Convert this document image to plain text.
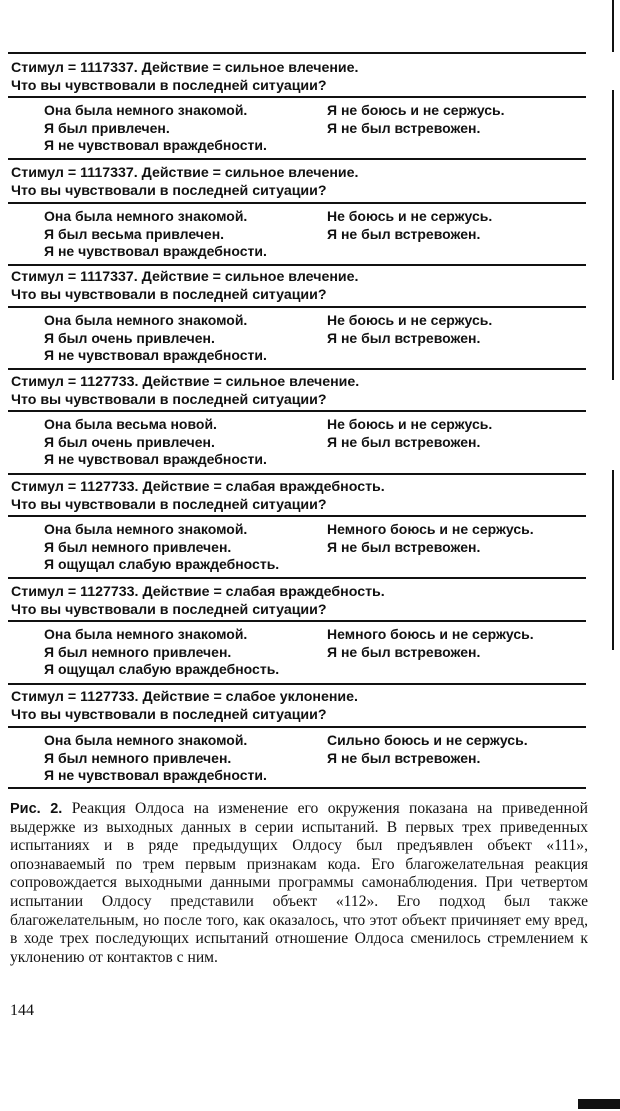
Стимул = 1117337. Действие = сильное влечение.
Что вы чувствовали в последней ситуации?
Она была немного знакомой.	Я не боюсь и не сержусь.
Я был привлечен.	Я не был встревожен.
Я не чувствовал враждебности.
Стимул = 1117337. Действие = сильное влечение.
Что вы чувствовали в последней ситуации?
Она была немного знакомой.	Не боюсь и не сержусь.
Я был весьма привлечен.	Я не был встревожен.
Я не чувствовал враждебности.
Стимул = 1117337. Действие = сильное влечение.
Что вы чувствовали в последней ситуации?
Она была немного знакомой.	Не боюсь и не сержусь.
Я был очень привлечен.	Я не был встревожен.
Я не чувствовал враждебности.
Стимул = 1127733. Действие = сильное влечение.
Что вы чувствовали в последней ситуации?
Она была весьма новой.	Не боюсь и не сержусь.
Я был очень привлечен.	Я не был встревожен.
Я не чувствовал враждебности.
Стимул = 1127733. Действие = слабая враждебность.
Что вы чувствовали в последней ситуации?
Она была немного знакомой.	Немного боюсь и не сержусь.
Я был немного привлечен.	Я не был встревожен.
Я ощущал слабую враждебность.
Стимул = 1127733. Действие = слабая враждебность.
Что вы чувствовали в последней ситуации?
Она была немного знакомой.	Немного боюсь и не сержусь.
Я был немного привлечен.	Я не был встревожен.
Я ощущал слабую враждебность.
Стимул = 1127733. Действие = слабое уклонение.
Что вы чувствовали в последней ситуации?
Она была немного знакомой.	Сильно боюсь и не сержусь.
Я был немного привлечен.	Я не был встревожен.
Я не чувствовал враждебности.
Рис. 2. Реакция Олдоса на изменение его окружения показана на приведенной выдержке из выходных данных в серии испытаний. В первых трех приведенных испытаниях и в ряде предыдущих Олдосу был предъявлен объект «111», опознаваемый по трем первым признакам кода. Его благожелательная реакция сопровождается выходными данными программы самонаблюдения. При четвертом испытании Олдосу представили объект «112». Его подход был также благожелательным, но после того, как оказалось, что этот объект причиняет ему вред, в ходе трех последующих испытаний отношение Олдоса сменилось стремлением к уклонению от контактов с ним.
144
